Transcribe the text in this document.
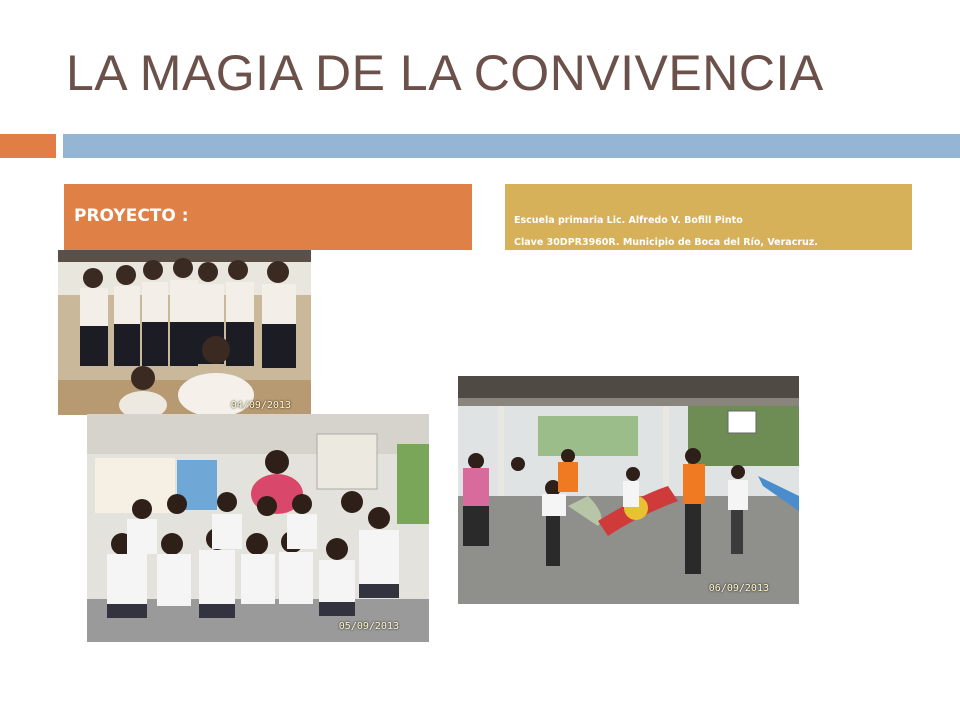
LA MAGIA DE LA CONVIVENCIA
PROYECTO :	Escuela primaria Lic. Alfredo V. Bofill Pinto
Clave 30DPR3960R. Municipio de Boca del Río, Veracruz.
04/09/2013
05/09/2013
06/09/2013
